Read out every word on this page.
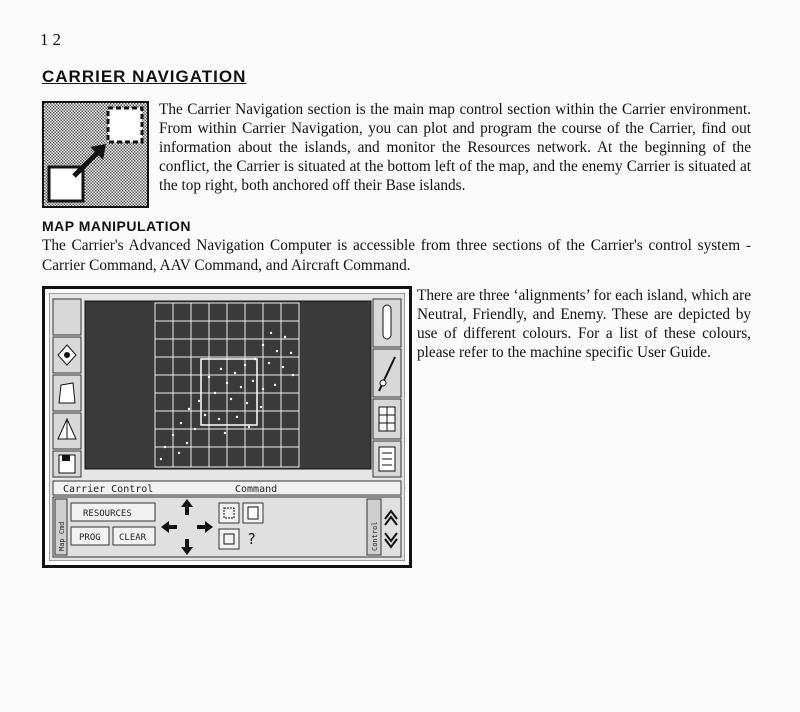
12
CARRIER NAVIGATION

The Carrier Navigation section is the main map control section within the Carrier environment. From within Carrier Navigation, you can plot and program the course of the Carrier, find out information about the islands, and monitor the Resources network. At the beginning of the conflict, the Carrier is situated at the bottom left of the map, and the enemy Carrier is situated at the top right, both anchored off their Base islands.

MAP MANIPULATION

The Carrier's Advanced Navigation Computer is accessible from three sections of the Carrier's control system - Carrier Command, AAV Command, and Aircraft Command.

Carrier Control	Command
Map Cmd
RESOURCES
PROG CLEAR	?	Control

There are three ‘alignments’ for each island, which are Neutral, Friendly, and Enemy. These are depicted by use of different colours. For a list of these colours, please refer to the machine specific User Guide.
